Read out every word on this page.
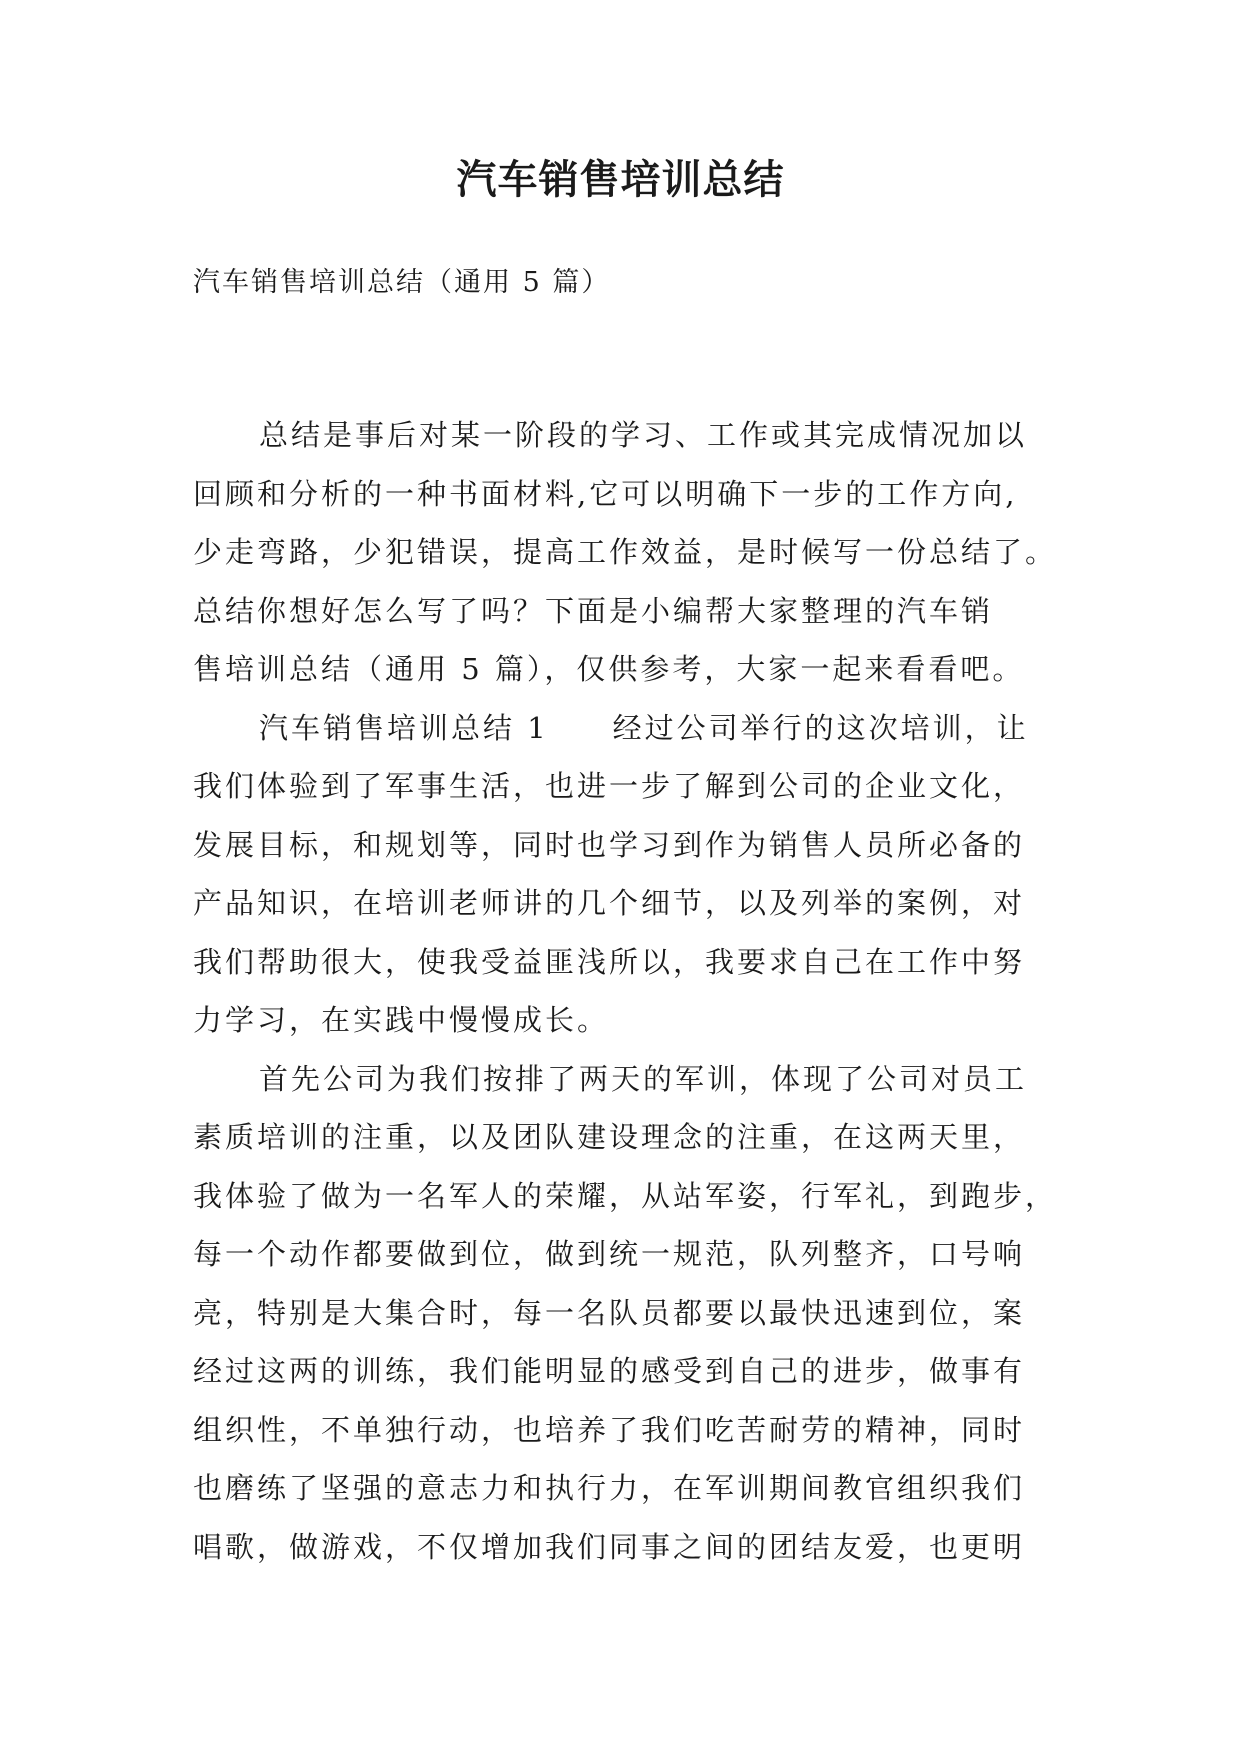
汽车销售培训总结
汽车销售培训总结（通用 5 篇）
总结是事后对某一阶段的学习、工作或其完成情况加以
回顾和分析的一种书面材料,它可以明确下一步的工作方向,
少走弯路，少犯错误，提高工作效益，是时候写一份总结了。
总结你想好怎么写了吗？下面是小编帮大家整理的汽车销
售培训总结（通用 5 篇），仅供参考，大家一起来看看吧。
汽车销售培训总结 1　　经过公司举行的这次培训，让
我们体验到了军事生活，也进一步了解到公司的企业文化，
发展目标，和规划等，同时也学习到作为销售人员所必备的
产品知识，在培训老师讲的几个细节，以及列举的案例，对
我们帮助很大，使我受益匪浅所以，我要求自己在工作中努
力学习，在实践中慢慢成长。
首先公司为我们按排了两天的军训，体现了公司对员工
素质培训的注重，以及团队建设理念的注重，在这两天里，
我体验了做为一名军人的荣耀，从站军姿，行军礼，到跑步，
每一个动作都要做到位，做到统一规范，队列整齐，口号响
亮，特别是大集合时，每一名队员都要以最快迅速到位，案
经过这两的训练，我们能明显的感受到自己的进步，做事有
组织性，不单独行动，也培养了我们吃苦耐劳的精神，同时
也磨练了坚强的意志力和执行力，在军训期间教官组织我们
唱歌，做游戏，不仅增加我们同事之间的团结友爱，也更明
